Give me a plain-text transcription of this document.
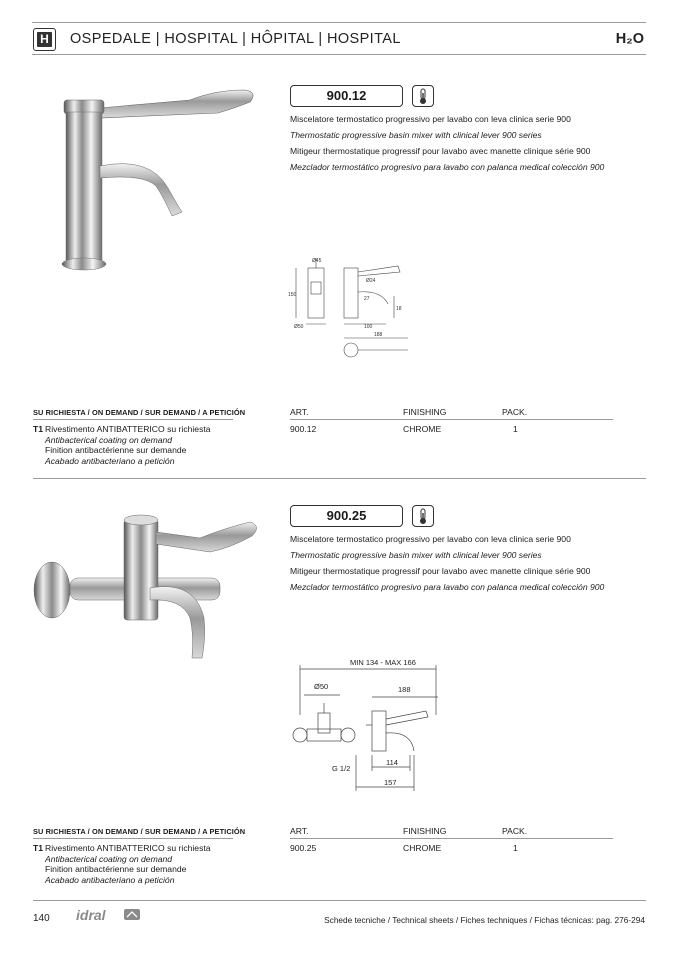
H OSPEDALE | HOSPITAL | HÔPITAL | HOSPITAL	H₂O
900.12
Miscelatore termostatico progressivo per lavabo con leva clinica serie 900
Thermostatic progressive basin mixer with clinical lever 900 series
Mitigeur thermostatique progressif pour lavabo avec manette clinique série 900
Mezclador termostático progresivo para lavabo con palanca medical colección 900
Ø45
Ø24
150
27
18
Ø50	100
188
SU RICHIESTA / ON DEMAND / SUR DEMAND / A PETICIÓN	ART.	FINISHING	PACK.
T1 Rivestimento ANTIBATTERICO su richiesta
Antibacterical coating on demand
Finition antibactérienne sur demande
Acabado antibacteriano a petición
900.12	CHROME	1
900.25
Miscelatore termostatico progressivo per lavabo con leva clinica serie 900
Thermostatic progressive basin mixer with clinical lever 900 series
Mitigeur thermostatique progressif pour lavabo avec manette clinique série 900
Mezclador termostático progresivo para lavabo con palanca medical colección 900
MIN 134 - MAX 166
Ø50	188
G 1/2
114
157
SU RICHIESTA / ON DEMAND / SUR DEMAND / A PETICIÓN	ART.	FINISHING	PACK.
T1 Rivestimento ANTIBATTERICO su richiesta
Antibacterical coating on demand
Finition antibactérienne sur demande
Acabado antibacteriano a petición
900.25	CHROME	1
140 idral	Schede tecniche / Technical sheets / Fiches techniques / Fichas técnicas: pag. 276-294
